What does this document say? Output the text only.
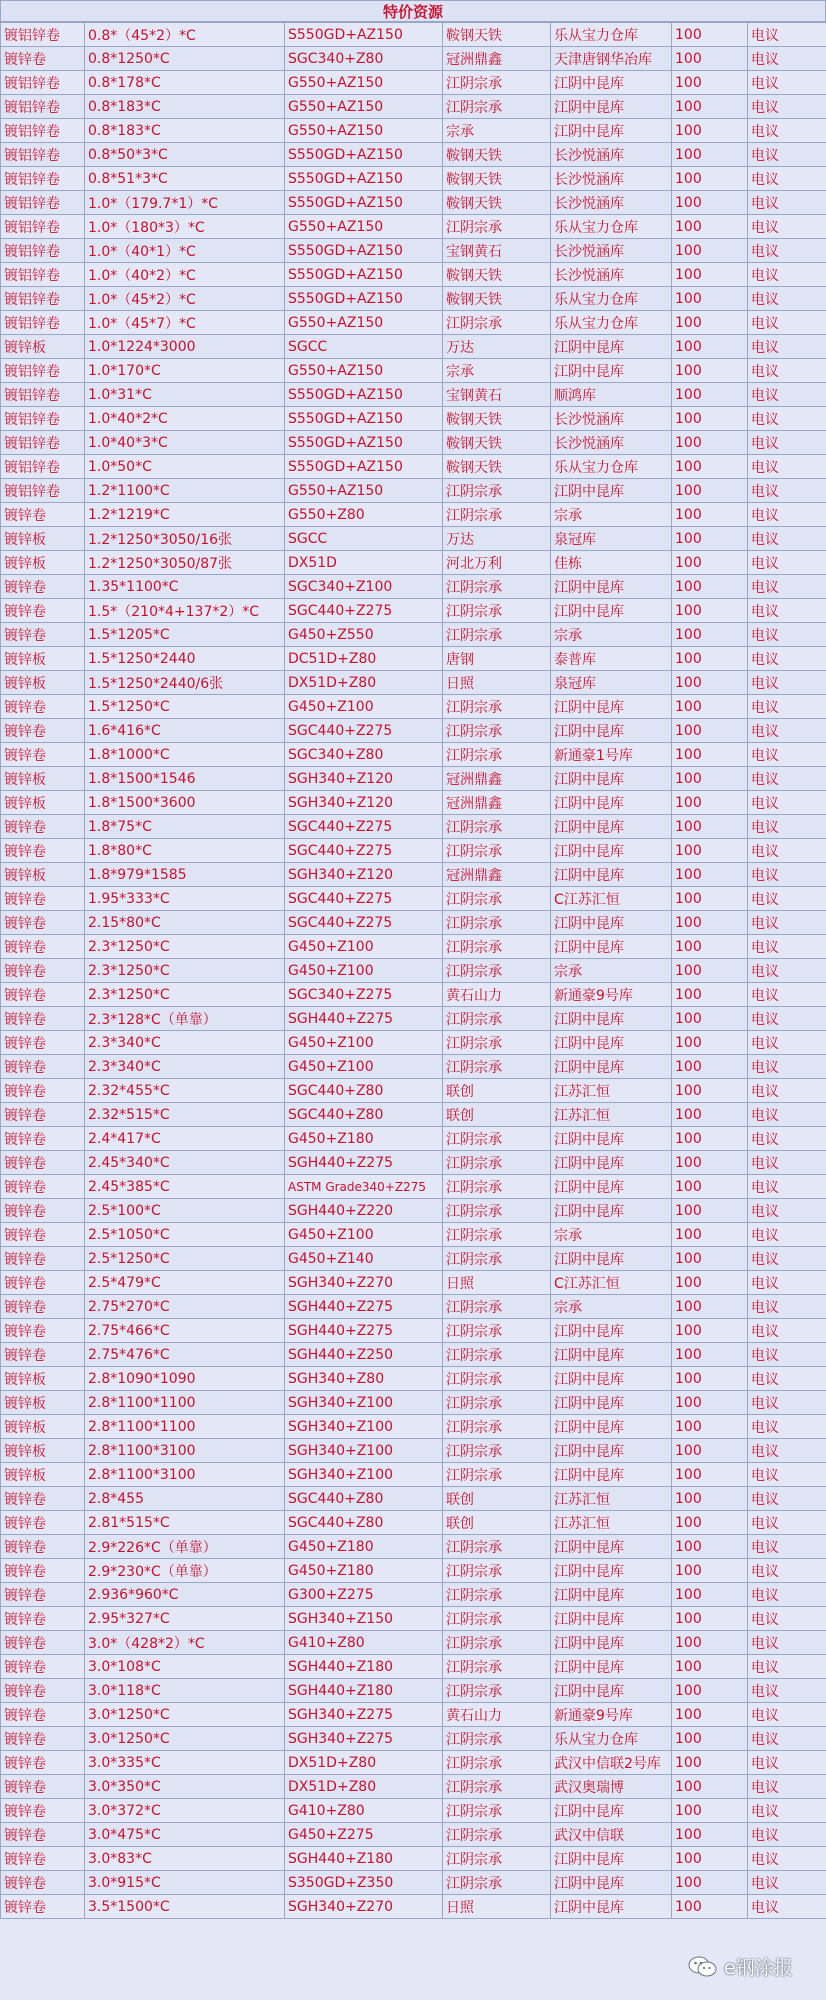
特价资源
镀铝锌卷	0.8*（45*2）*C	S550GD+AZ150	鞍钢天铁	乐从宝力仓库	100	电议
镀锌卷	0.8*1250*C	SGC340+Z80	冠洲鼎鑫	天津唐钢华冶库	100	电议
镀铝锌卷	0.8*178*C	G550+AZ150	江阴宗承	江阴中昆库	100	电议
镀铝锌卷	0.8*183*C	G550+AZ150	江阴宗承	江阴中昆库	100	电议
镀铝锌卷	0.8*183*C	G550+AZ150	宗承	江阴中昆库	100	电议
镀铝锌卷	0.8*50*3*C	S550GD+AZ150	鞍钢天铁	长沙悦涵库	100	电议
镀铝锌卷	0.8*51*3*C	S550GD+AZ150	鞍钢天铁	长沙悦涵库	100	电议
镀铝锌卷	1.0*（179.7*1）*C	S550GD+AZ150	鞍钢天铁	长沙悦涵库	100	电议
镀铝锌卷	1.0*（180*3）*C	G550+AZ150	江阴宗承	乐从宝力仓库	100	电议
镀铝锌卷	1.0*（40*1）*C	S550GD+AZ150	宝钢黄石	长沙悦涵库	100	电议
镀铝锌卷	1.0*（40*2）*C	S550GD+AZ150	鞍钢天铁	长沙悦涵库	100	电议
镀铝锌卷	1.0*（45*2）*C	S550GD+AZ150	鞍钢天铁	乐从宝力仓库	100	电议
镀铝锌卷	1.0*（45*7）*C	G550+AZ150	江阴宗承	乐从宝力仓库	100	电议
镀锌板	1.0*1224*3000	SGCC	万达	江阴中昆库	100	电议
镀铝锌卷	1.0*170*C	G550+AZ150	宗承	江阴中昆库	100	电议
镀铝锌卷	1.0*31*C	S550GD+AZ150	宝钢黄石	顺鸿库	100	电议
镀铝锌卷	1.0*40*2*C	S550GD+AZ150	鞍钢天铁	长沙悦涵库	100	电议
镀铝锌卷	1.0*40*3*C	S550GD+AZ150	鞍钢天铁	长沙悦涵库	100	电议
镀铝锌卷	1.0*50*C	S550GD+AZ150	鞍钢天铁	乐从宝力仓库	100	电议
镀铝锌卷	1.2*1100*C	G550+AZ150	江阴宗承	江阴中昆库	100	电议
镀锌卷	1.2*1219*C	G550+Z80	江阴宗承	宗承	100	电议
镀锌板	1.2*1250*3050/16张	SGCC	万达	泉冠库	100	电议
镀锌板	1.2*1250*3050/87张	DX51D	河北万利	佳栋	100	电议
镀锌卷	1.35*1100*C	SGC340+Z100	江阴宗承	江阴中昆库	100	电议
镀锌卷	1.5*（210*4+137*2）*C	SGC440+Z275	江阴宗承	江阴中昆库	100	电议
镀锌卷	1.5*1205*C	G450+Z550	江阴宗承	宗承	100	电议
镀锌板	1.5*1250*2440	DC51D+Z80	唐钢	泰普库	100	电议
镀锌板	1.5*1250*2440/6张	DX51D+Z80	日照	泉冠库	100	电议
镀锌卷	1.5*1250*C	G450+Z100	江阴宗承	江阴中昆库	100	电议
镀锌卷	1.6*416*C	SGC440+Z275	江阴宗承	江阴中昆库	100	电议
镀锌卷	1.8*1000*C	SGC340+Z80	江阴宗承	新通豪1号库	100	电议
镀锌板	1.8*1500*1546	SGH340+Z120	冠洲鼎鑫	江阴中昆库	100	电议
镀锌板	1.8*1500*3600	SGH340+Z120	冠洲鼎鑫	江阴中昆库	100	电议
镀锌卷	1.8*75*C	SGC440+Z275	江阴宗承	江阴中昆库	100	电议
镀锌卷	1.8*80*C	SGC440+Z275	江阴宗承	江阴中昆库	100	电议
镀锌板	1.8*979*1585	SGH340+Z120	冠洲鼎鑫	江阴中昆库	100	电议
镀锌卷	1.95*333*C	SGC440+Z275	江阴宗承	C江苏汇恒	100	电议
镀锌卷	2.15*80*C	SGC440+Z275	江阴宗承	江阴中昆库	100	电议
镀锌卷	2.3*1250*C	G450+Z100	江阴宗承	江阴中昆库	100	电议
镀锌卷	2.3*1250*C	G450+Z100	江阴宗承	宗承	100	电议
镀锌卷	2.3*1250*C	SGC340+Z275	黄石山力	新通豪9号库	100	电议
镀锌卷	2.3*128*C（单靠）	SGH440+Z275	江阴宗承	江阴中昆库	100	电议
镀锌卷	2.3*340*C	G450+Z100	江阴宗承	江阴中昆库	100	电议
镀锌卷	2.3*340*C	G450+Z100	江阴宗承	江阴中昆库	100	电议
镀锌卷	2.32*455*C	SGC440+Z80	联创	江苏汇恒	100	电议
镀锌卷	2.32*515*C	SGC440+Z80	联创	江苏汇恒	100	电议
镀锌卷	2.4*417*C	G450+Z180	江阴宗承	江阴中昆库	100	电议
镀锌卷	2.45*340*C	SGH440+Z275	江阴宗承	江阴中昆库	100	电议
镀锌卷	2.45*385*C	ASTM Grade340+Z275	江阴宗承	江阴中昆库	100	电议
镀锌卷	2.5*100*C	SGH440+Z220	江阴宗承	江阴中昆库	100	电议
镀锌卷	2.5*1050*C	G450+Z100	江阴宗承	宗承	100	电议
镀锌卷	2.5*1250*C	G450+Z140	江阴宗承	江阴中昆库	100	电议
镀锌卷	2.5*479*C	SGH340+Z270	日照	C江苏汇恒	100	电议
镀锌卷	2.75*270*C	SGH440+Z275	江阴宗承	宗承	100	电议
镀锌卷	2.75*466*C	SGH440+Z275	江阴宗承	江阴中昆库	100	电议
镀锌卷	2.75*476*C	SGH440+Z250	江阴宗承	江阴中昆库	100	电议
镀锌板	2.8*1090*1090	SGH340+Z80	江阴宗承	江阴中昆库	100	电议
镀锌板	2.8*1100*1100	SGH340+Z100	江阴宗承	江阴中昆库	100	电议
镀锌板	2.8*1100*1100	SGH340+Z100	江阴宗承	江阴中昆库	100	电议
镀锌板	2.8*1100*3100	SGH340+Z100	江阴宗承	江阴中昆库	100	电议
镀锌板	2.8*1100*3100	SGH340+Z100	江阴宗承	江阴中昆库	100	电议
镀锌卷	2.8*455	SGC440+Z80	联创	江苏汇恒	100	电议
镀锌卷	2.81*515*C	SGC440+Z80	联创	江苏汇恒	100	电议
镀锌卷	2.9*226*C（单靠）	G450+Z180	江阴宗承	江阴中昆库	100	电议
镀锌卷	2.9*230*C（单靠）	G450+Z180	江阴宗承	江阴中昆库	100	电议
镀锌卷	2.936*960*C	G300+Z275	江阴宗承	江阴中昆库	100	电议
镀锌卷	2.95*327*C	SGH340+Z150	江阴宗承	江阴中昆库	100	电议
镀锌卷	3.0*（428*2）*C	G410+Z80	江阴宗承	江阴中昆库	100	电议
镀锌卷	3.0*108*C	SGH440+Z180	江阴宗承	江阴中昆库	100	电议
镀锌卷	3.0*118*C	SGH440+Z180	江阴宗承	江阴中昆库	100	电议
镀锌卷	3.0*1250*C	SGH340+Z275	黄石山力	新通豪9号库	100	电议
镀锌卷	3.0*1250*C	SGH340+Z275	江阴宗承	乐从宝力仓库	100	电议
镀锌卷	3.0*335*C	DX51D+Z80	江阴宗承	武汉中信联2号库	100	电议
镀锌卷	3.0*350*C	DX51D+Z80	江阴宗承	武汉奥瑞博	100	电议
镀锌卷	3.0*372*C	G410+Z80	江阴宗承	江阴中昆库	100	电议
镀锌卷	3.0*475*C	G450+Z275	江阴宗承	武汉中信联	100	电议
镀锌卷	3.0*83*C	SGH440+Z180	江阴宗承	江阴中昆库	100	电议
镀锌卷	3.0*915*C	S350GD+Z350	江阴宗承	江阴中昆库	100	电议
镀锌卷	3.5*1500*C	SGH340+Z270	日照	江阴中昆库	100	电议
e钢涂报
